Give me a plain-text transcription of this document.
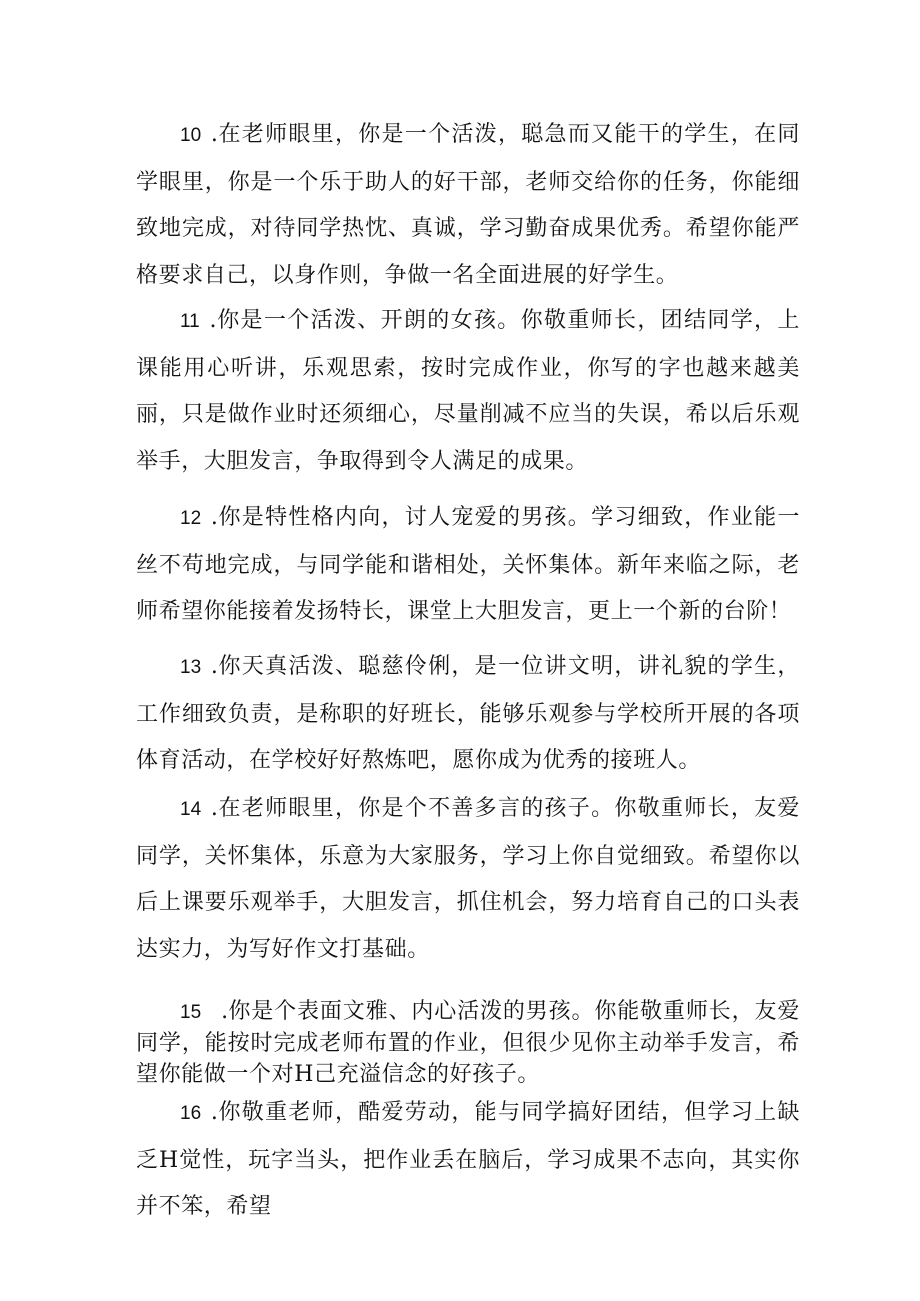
10 .在老师眼里，你是一个活泼，聪急而又能干的学生，在同学眼里，你是一个乐于助人的好干部，老师交给你的任务，你能细致地完成，对待同学热忱、真诚，学习勤奋成果优秀。希望你能严格要求自己，以身作则，争做一名全面进展的好学生。

11 .你是一个活泼、开朗的女孩。你敬重师长，团结同学，上课能用心听讲，乐观思索，按时完成作业，你写的字也越来越美丽，只是做作业时还须细心，尽量削减不应当的失误，希以后乐观举手，大胆发言，争取得到令人满足的成果。

12 .你是特性格内向，讨人宠爱的男孩。学习细致，作业能一丝不苟地完成，与同学能和谐相处，关怀集体。新年来临之际，老师希望你能接着发扬特长，课堂上大胆发言，更上一个新的台阶！

13 .你天真活泼、聪慈伶俐，是一位讲文明，讲礼貌的学生，工作细致负责，是称职的好班长，能够乐观参与学校所开展的各项体育活动，在学校好好熬炼吧，愿你成为优秀的接班人。

14 .在老师眼里，你是个不善多言的孩子。你敬重师长，友爱同学，关怀集体，乐意为大家服务，学习上你自觉细致。希望你以后上课要乐观举手，大胆发言，抓住机会，努力培育自己的口头表达实力，为写好作文打基础。

15 .你是个表面文雅、内心活泼的男孩。你能敬重师长，友爱同学，能按时完成老师布置的作业，但很少见你主动举手发言，希望你能做一个对H己充溢信念的好孩子。

16 .你敬重老师，酷爱劳动，能与同学搞好团结，但学习上缺乏H觉性，玩字当头，把作业丢在脑后，学习成果不志向，其实你并不笨，希望
